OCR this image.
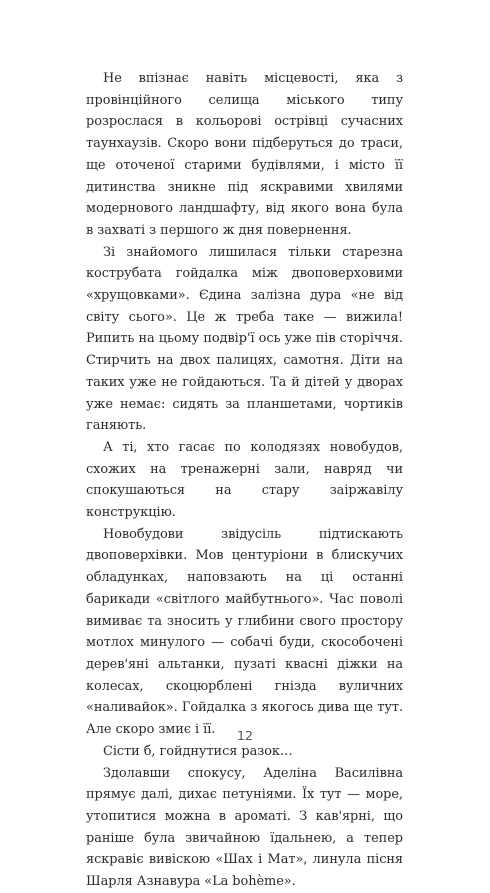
Не впізнає навіть місцевості, яка з провінційного селища міського типу розрослася в кольорові острівці сучасних таунхаузів. Скоро вони підберуться до траси, ще оточеної старими будівлями, і місто її дитинства зникне під яскравими хвилями модернового ландшафту, від якого вона була в захваті з першого ж дня повернення.

Зі знайомого лишилася тільки старезна кострубата гойдалка між двоповерховими «хрущовками». Єдина залізна дура «не від світу сього». Це ж треба таке — вижила! Рипить на цьому подвір'ї ось уже пів сторіччя. Стирчить на двох палицях, самотня. Діти на таких уже не гойдаються. Та й дітей у дворах уже немає: сидять за планшетами, чортиків ганяють.

А ті, хто гасає по колодязях новобудов, схожих на тренажерні зали, навряд чи спокушаються на стару заіржавілу конструкцію.

Новобудови звідусіль підтискають двоповерхівки. Мов центуріони в блискучих обладунках, наповзають на ці останні барикади «світлого майбутнього». Час поволі вимиває та зносить у глибини свого простору мотлох минулого — собачі буди, скособочені дерев'яні альтанки, пузаті квасні діжки на колесах, скоцюрблені гнізда вуличних «наливайок». Гойдалка з якогось дива ще тут. Але скоро змиє і її.

Сісти б, гойднутися разок…

Здолавши спокусу, Аделіна Василівна прямує далі, дихає петуніями. Їх тут — море, утопитися можна в ароматі. З кав'ярні, що раніше була звичайною їдальнею, а тепер яскравіє вивіскою «Шах і Мат», линула пісня Шарля Азнавура «La bohème».

12
